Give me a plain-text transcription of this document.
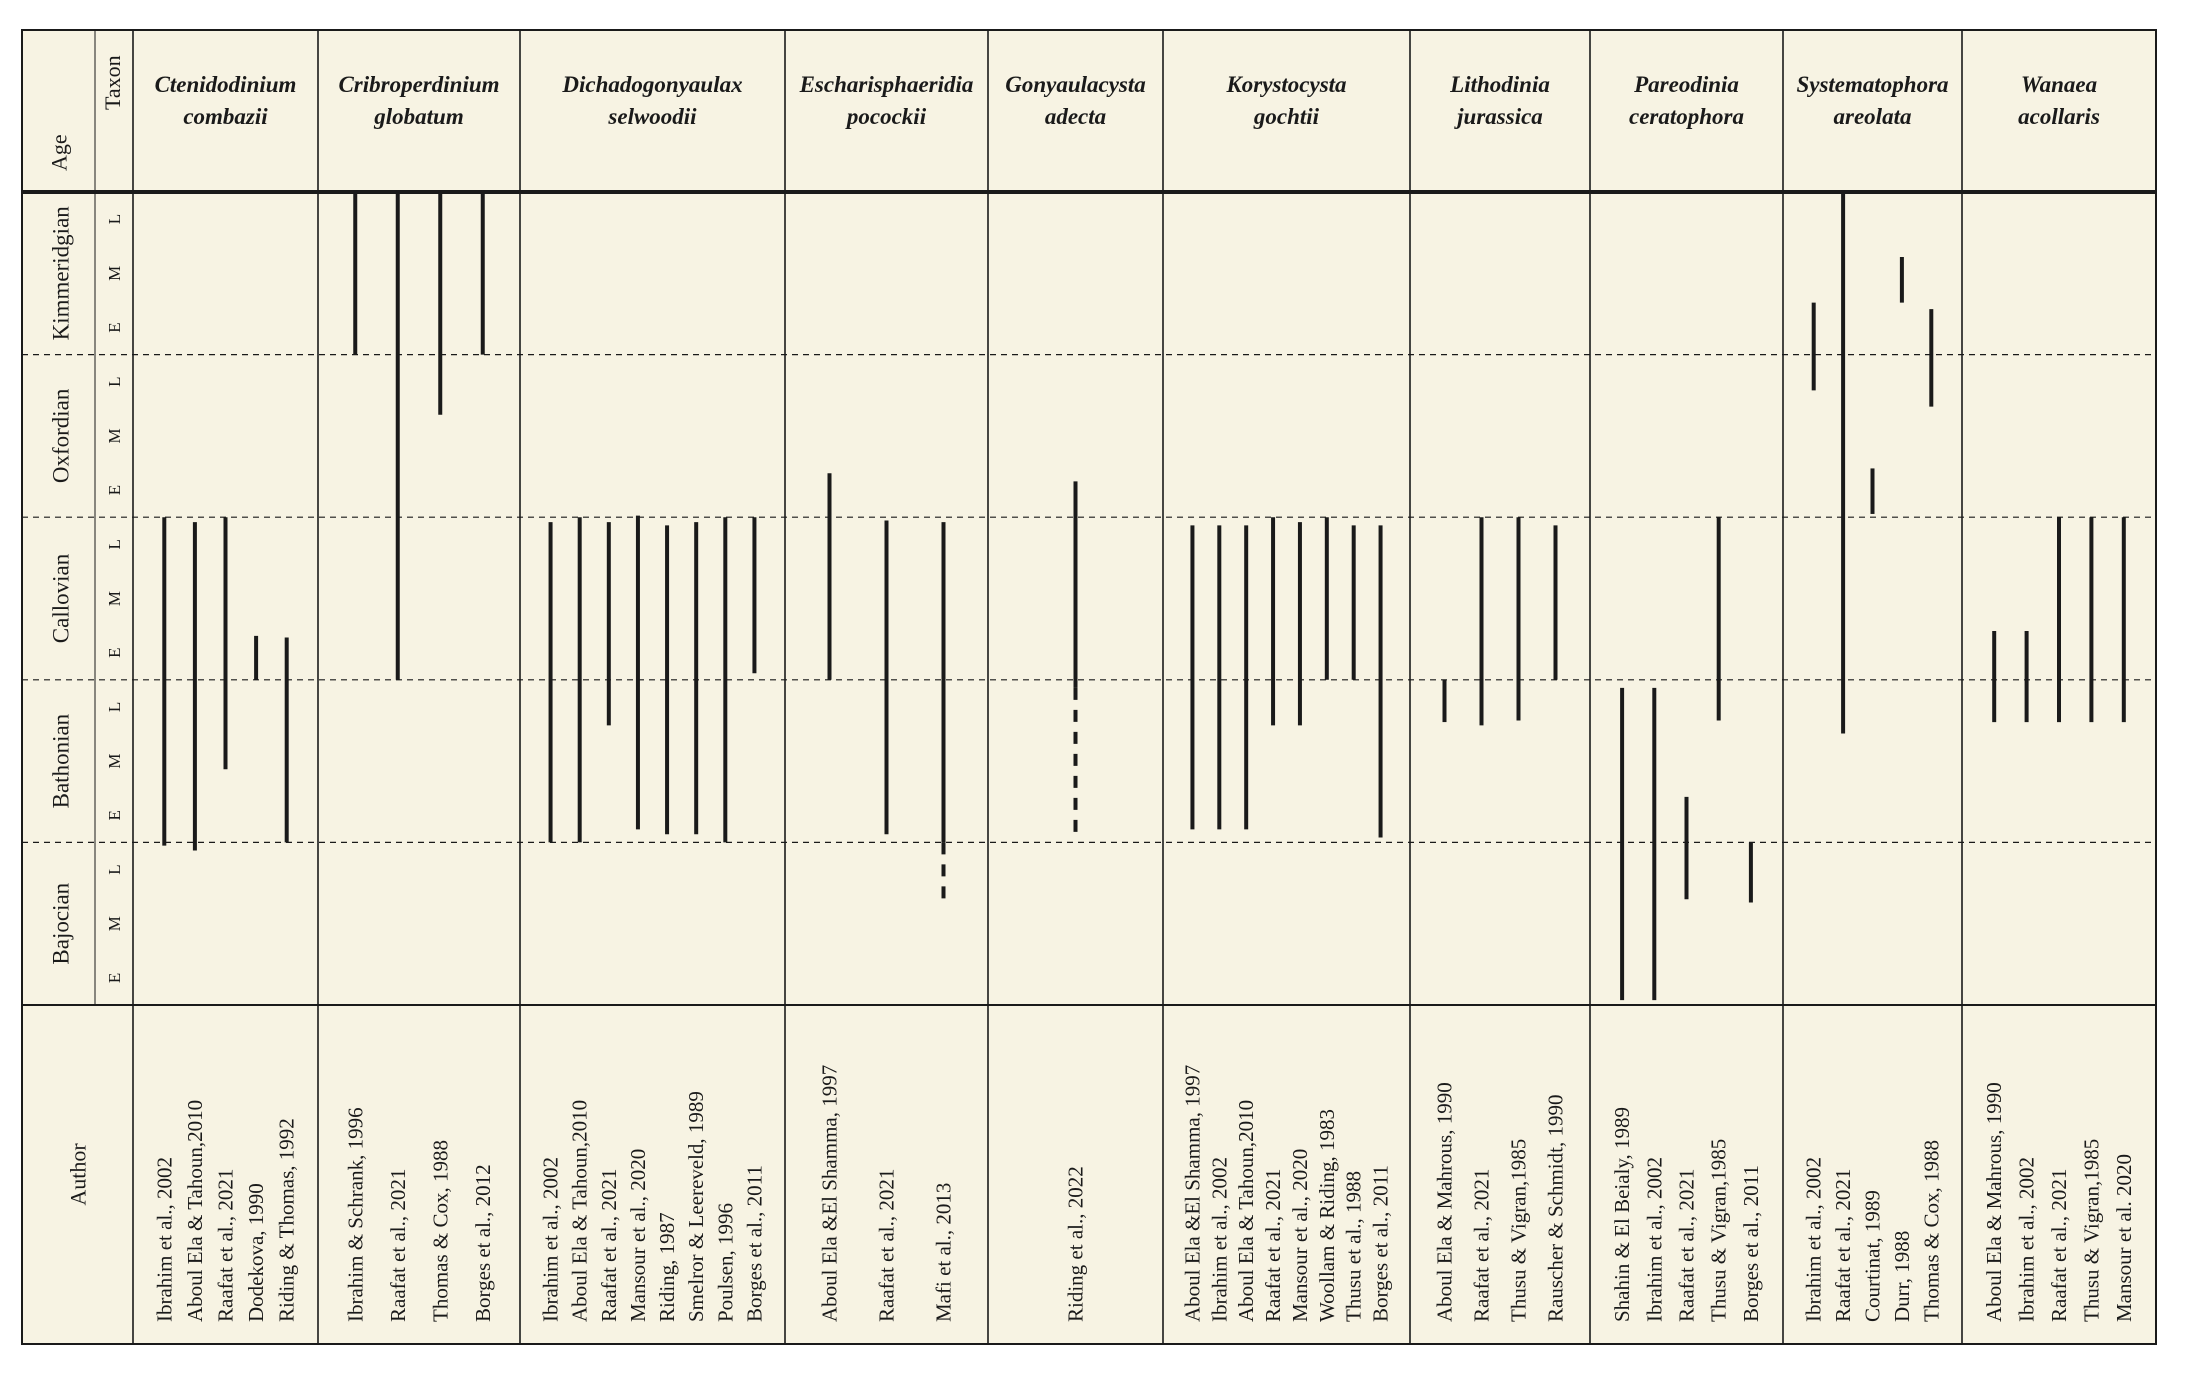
Age
Taxon
Kimmeridgian E
M
L
Oxfordian
E
M
L
Callovian
E
M
L
Bathonian
E
M
L
Bajocian
E
M
L
Ctenidodinium
combazii
Ibrahim et al., 2002 Aboul Ela & Tahoun,2010 Raafat et al., 2021 Dodekova, 1990 Riding & Thomas, 1992
Cribroperdinium
globatum
Ibrahim & Schrank, 1996 Raafat et al., 2021 Thomas & Cox, 1988 Borges et al., 2012
Dichadogonyaulax
selwoodii
Ibrahim et al., 2002 Aboul Ela & Tahoun,2010 Raafat et al., 2021 Mansour et al., 2020 Riding, 1987 Smelror & Leereveld, 1989 Poulsen, 1996 Borges et al., 2011
Escharisphaeridia
pocockii
Aboul Ela &El Shamma, 1997 Raafat et al., 2021 Mafi et al., 2013
Gonyaulacysta
adecta
Riding et al., 2022
Korystocysta
gochtii
Aboul Ela &El Shamma, 1997 Ibrahim et al., 2002 Aboul Ela & Tahoun,2010 Raafat et al., 2021 Mansour et al., 2020 Woollam & Riding, 1983 Thusu et al., 1988 Borges et al., 2011
Lithodinia
jurassica
Aboul Ela & Mahrous, 1990 Raafat et al., 2021 Thusu & Vigran,1985 Rauscher & Schmidt, 1990
Pareodinia
ceratophora
Shahin & El Beialy, 1989 Ibrahim et al., 2002 Raafat et al., 2021 Thusu & Vigran,1985 Borges et al., 2011
Systematophora
areolata
Ibrahim et al., 2002 Raafat et al., 2021 Courtinat, 1989 Durr, 1988 Thomas & Cox, 1988
Wanaea
acollaris
Aboul Ela & Mahrous, 1990 Ibrahim et al., 2002 Raafat et al., 2021 Thusu & Vigran,1985 Mansour et al. 2020
Author
